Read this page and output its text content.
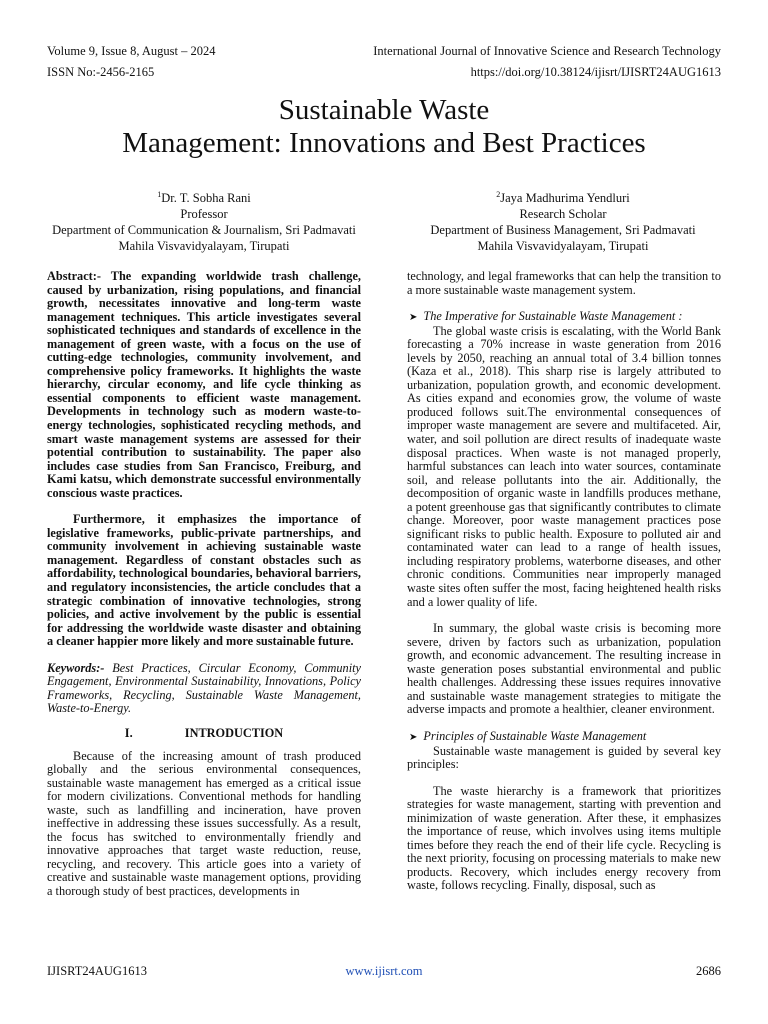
Volume 9, Issue 8, August – 2024
ISSN No:-2456-2165
International Journal of Innovative Science and Research Technology
https://doi.org/10.38124/ijisrt/IJISRT24AUG1613
Sustainable Waste
Management: Innovations and Best Practices
$^1$Dr. T. Sobha Rani
Professor
Department of Communication & Journalism, Sri Padmavati
Mahila Visvavidyalayam, Tirupati
$^2$Jaya Madhurima Yendluri
Research Scholar
Department of Business Management, Sri Padmavati
Mahila Visvavidyalayam, Tirupati

Abstract:- The expanding worldwide trash challenge, caused by urbanization, rising populations, and financial growth, necessitates innovative and long-term waste management techniques. This article investigates several sophisticated techniques and standards of excellence in the management of green waste, with a focus on the use of cutting-edge technologies, community involvement, and comprehensive policy frameworks. It highlights the waste hierarchy, circular economy, and life cycle thinking as essential components to efficient waste management. Developments in technology such as modern waste-to-energy technologies, sophisticated recycling methods, and smart waste management systems are assessed for their potential contribution to sustainability. The paper also includes case studies from San Francisco, Freiburg, and Kami katsu, which demonstrate successful environmentally conscious waste practices.

Furthermore, it emphasizes the importance of legislative frameworks, public-private partnerships, and community involvement in achieving sustainable waste management. Regardless of constant obstacles such as affordability, technological boundaries, behavioral barriers, and regulatory inconsistencies, the article concludes that a strategic combination of innovative technologies, strong policies, and active involvement by the public is essential for addressing the worldwide waste disaster and obtaining a cleaner happier more likely and more sustainable future.

Keywords:- Best Practices, Circular Economy, Community Engagement, Environmental Sustainability, Innovations, Policy Frameworks, Recycling, Sustainable Waste Management, Waste-to-Energy.

I.	INTRODUCTION

Because of the increasing amount of trash produced globally and the serious environmental consequences, sustainable waste management has emerged as a critical issue for modern civilizations. Conventional methods for handling waste, such as landfilling and incineration, have proven ineffective in addressing these issues successfully. As a result, the focus has switched to environmentally friendly and innovative approaches that target waste reduction, reuse, recycling, and recovery. This article goes into a variety of creative and sustainable waste management options, providing a thorough study of best practices, developments in

technology, and legal frameworks that can help the transition to a more sustainable waste management system.

➤ The Imperative for Sustainable Waste Management :

The global waste crisis is escalating, with the World Bank forecasting a 70% increase in waste generation from 2016 levels by 2050, reaching an annual total of 3.4 billion tonnes (Kaza et al., 2018). This sharp rise is largely attributed to urbanization, population growth, and economic development. As cities expand and economies grow, the volume of waste produced follows suit.The environmental consequences of improper waste management are severe and multifaceted. Air, water, and soil pollution are direct results of inadequate waste disposal practices. When waste is not managed properly, harmful substances can leach into water sources, contaminate soil, and release pollutants into the air. Additionally, the decomposition of organic waste in landfills produces methane, a potent greenhouse gas that significantly contributes to climate change. Moreover, poor waste management practices pose significant risks to public health. Exposure to polluted air and contaminated water can lead to a range of health issues, including respiratory problems, waterborne diseases, and other chronic conditions. Communities near improperly managed waste sites often suffer the most, facing heightened health risks and a lower quality of life.

In summary, the global waste crisis is becoming more severe, driven by factors such as urbanization, population growth, and economic advancement. The resulting increase in waste generation poses substantial environmental and public health challenges. Addressing these issues requires innovative and sustainable waste management strategies to mitigate the adverse impacts and promote a healthier, cleaner environment.

➤ Principles of Sustainable Waste Management

Sustainable waste management is guided by several key principles:

The waste hierarchy is a framework that prioritizes strategies for waste management, starting with prevention and minimization of waste generation. After these, it emphasizes the importance of reuse, which involves using items multiple times before they reach the end of their life cycle. Recycling is the next priority, focusing on processing materials to make new products. Recovery, which includes energy recovery from waste, follows recycling. Finally, disposal, such as

IJISRT24AUG1613	www.ijisrt.com	2686
